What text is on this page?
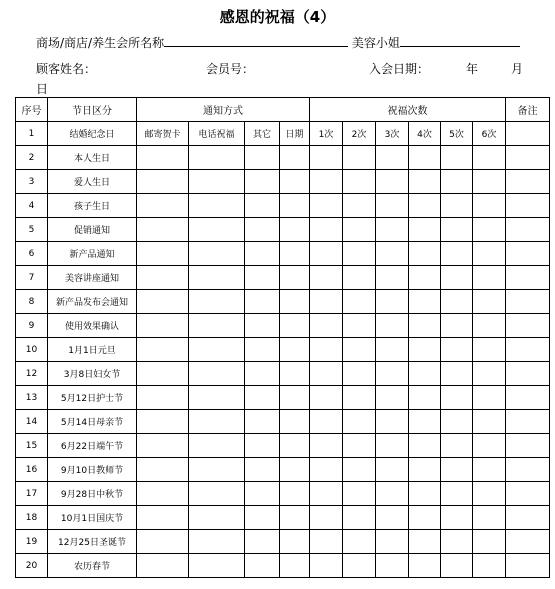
感恩的祝福（4）
商场/商店/养生会所名称	美容小姐
顾客姓名：	会员号：	入会日期：	年	月
日
序号	节日区分	通知方式				祝福次数						备注
1	结婚纪念日	邮寄贺卡	电话祝福	其它	日期	1次	2次	3次	4次	5次	6次	
2	本人生日											
3	爱人生日											
4	孩子生日											
5	促销通知											
6	新产品通知											
7	美容讲座通知											
8	新产品发布会通知											
9	使用效果确认											
10	1月1日元旦											
12	3月8日妇女节											
13	5月12日护士节											
14	5月14日母亲节											
15	6月22日端午节											
16	9月10日教师节											
17	9月28日中秋节											
18	10月1日国庆节											
19	12月25日圣诞节											
20	农历春节											
